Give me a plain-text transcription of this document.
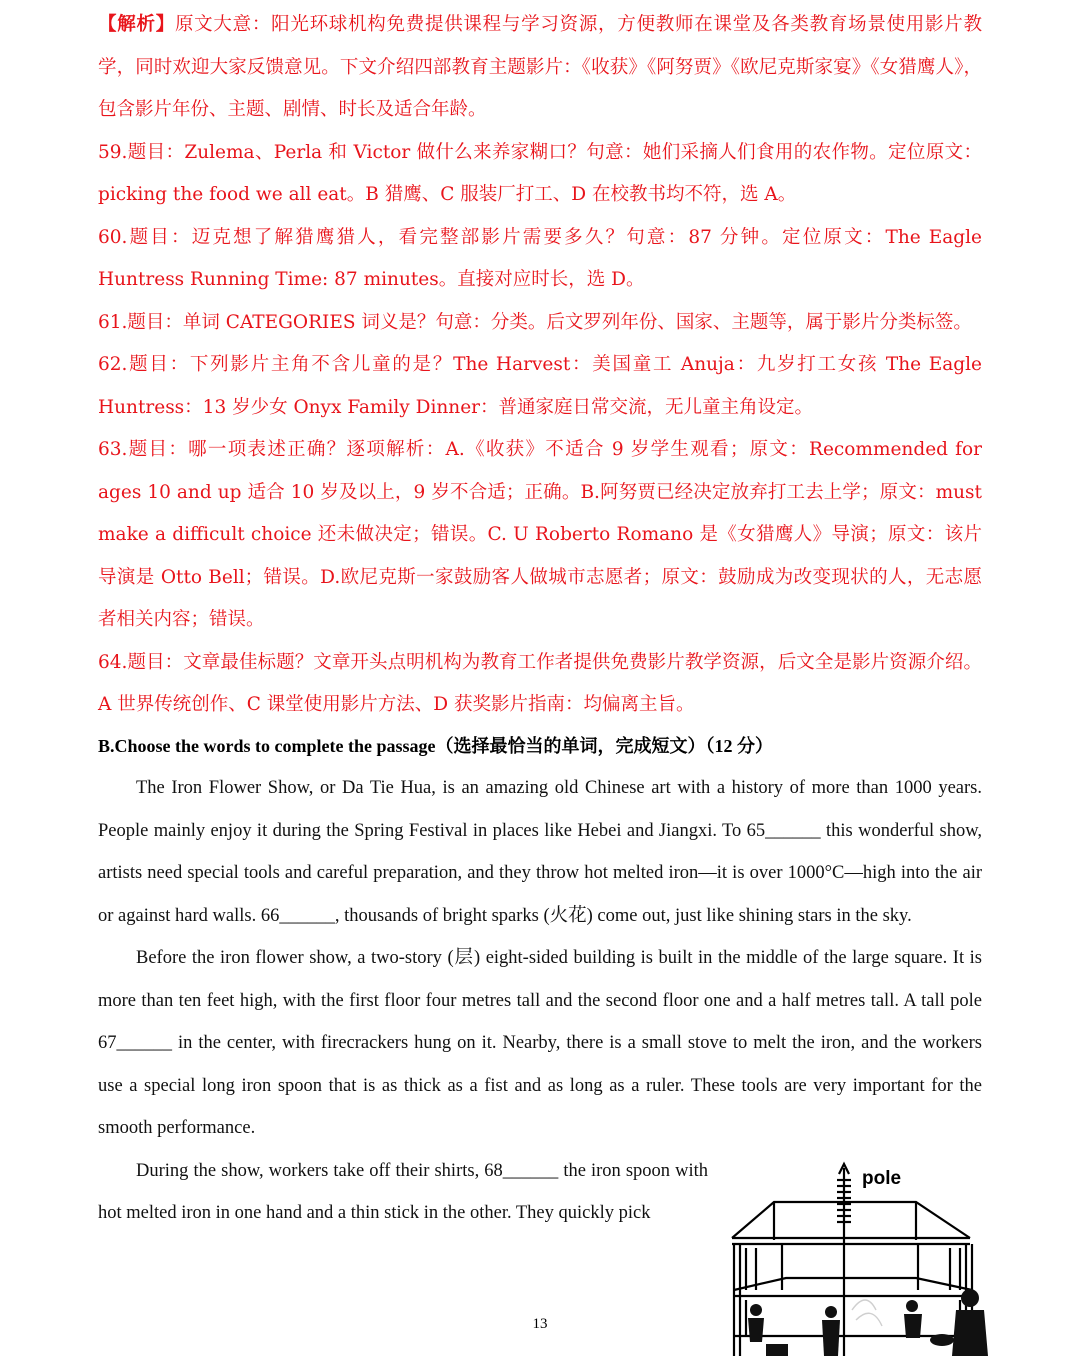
【解析】原文大意：阳光环球机构免费提供课程与学习资源，方便教师在课堂及各类教育场景使用影片教学，同时欢迎大家反馈意见。下文介绍四部教育主题影片：《收获》《阿努贾》《欧尼克斯家宴》《女猎鹰人》，包含影片年份、主题、剧情、时长及适合年龄。

59.题目：Zulema、Perla 和 Victor 做什么来养家糊口？句意：她们采摘人们食用的农作物。定位原文：picking the food we all eat。B 猎鹰、C 服装厂打工、D 在校教书均不符，选 A。

60.题目：迈克想了解猎鹰猎人，看完整部影片需要多久？句意：87 分钟。定位原文：The Eagle Huntress Running Time: 87 minutes。直接对应时长，选 D。

61.题目：单词 CATEGORIES 词义是？句意：分类。后文罗列年份、国家、主题等，属于影片分类标签。

62.题目：下列影片主角不含儿童的是？The Harvest：美国童工 Anuja：九岁打工女孩 The Eagle Huntress：13 岁少女 Onyx Family Dinner：普通家庭日常交流，无儿童主角设定。

63.题目：哪一项表述正确？逐项解析：A.《收获》不适合 9 岁学生观看；原文：Recommended for ages 10 and up 适合 10 岁及以上，9 岁不合适；正确。B.阿努贾已经决定放弃打工去上学；原文：must make a difficult choice 还未做决定；错误。C. U Roberto Romano 是《女猎鹰人》导演；原文：该片导演是 Otto Bell；错误。D.欧尼克斯一家鼓励客人做城市志愿者；原文：鼓励成为改变现状的人，无志愿者相关内容；错误。

64.题目：文章最佳标题？文章开头点明机构为教育工作者提供免费影片教学资源，后文全是影片资源介绍。A 世界传统创作、C 课堂使用影片方法、D 获奖影片指南：均偏离主旨。

B.Choose the words to complete the passage（选择最恰当的单词，完成短文）（12 分）

The Iron Flower Show, or Da Tie Hua, is an amazing old Chinese art with a history of more than 1000 years. People mainly enjoy it during the Spring Festival in places like Hebei and Jiangxi. To 65______ this wonderful show, artists need special tools and careful preparation, and they throw hot melted iron—it is over 1000°C—high into the air or against hard walls. 66______, thousands of bright sparks (火花) come out, just like shining stars in the sky.

Before the iron flower show, a two-story (层) eight-sided building is built in the middle of the large square. It is more than ten feet high, with the first floor four metres tall and the second floor one and a half metres tall. A tall pole 67______ in the center, with firecrackers hung on it. Nearby, there is a small stove to melt the iron, and the workers use a special long iron spoon that is as thick as a fist and as long as a ruler. These tools are very important for the smooth performance.

During the show, workers take off their shirts, 68______ the iron spoon with hot melted iron in one hand and a thin stick in the other. They quickly pick

pole
13
